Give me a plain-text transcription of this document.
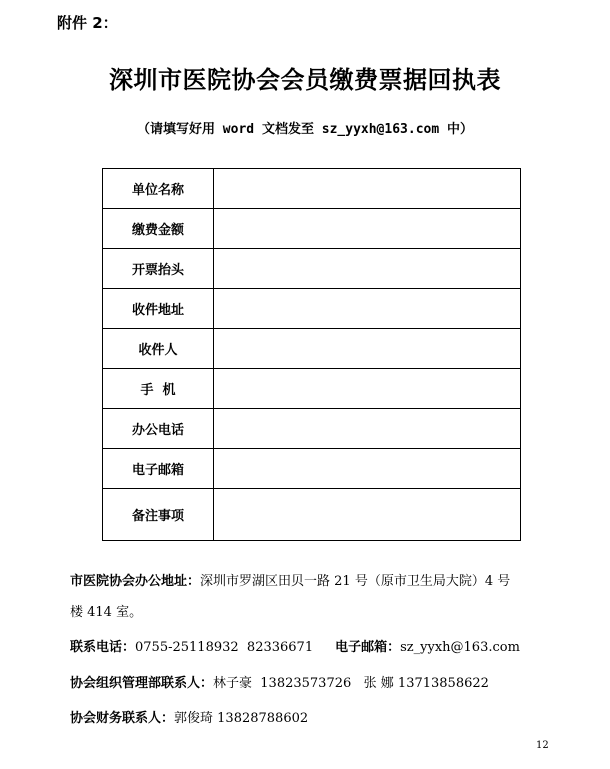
附件 2：
深圳市医院协会会员缴费票据回执表
（请填写好用 word 文档发至 sz_yyxh@163.com 中）
单位名称	
缴费金额	
开票抬头	
收件地址	
收件人	
手  机	
办公电话	
电子邮箱	
备注事项	
市医院协会办公地址：深圳市罗湖区田贝一路 21 号（原市卫生局大院）4 号
楼 414 室。
联系电话：0755-25118932  82336671 电子邮箱：sz_yyxh@163.com
协会组织管理部联系人：林子豪  13823573726   张 娜 13713858622
协会财务联系人：郭俊琦 13828788602
12
